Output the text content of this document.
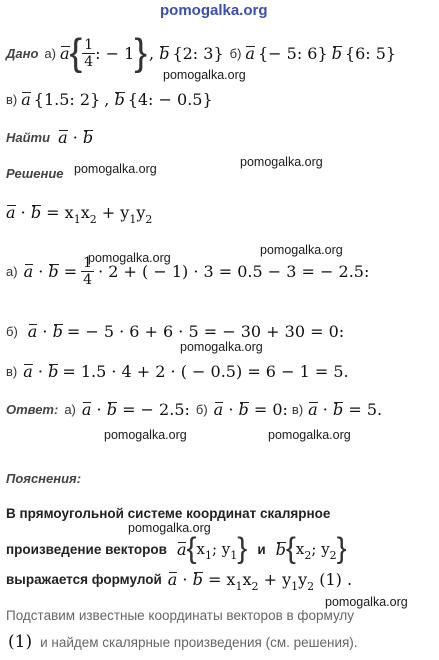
pomogalka.org
Дано а) a { $\frac{1}{4}$ : − 1 } , b {2: 3} б) a {− 5: 6} b {6: 5}
pomogalka.org
в) a {1.5: 2} , b {4: − 0.5}
Найти a · b
Решение pomogalka.org	pomogalka.org
$a \cdot b = x_1x_2 + y_1y_2$
pomogalka.org
pomogalka.org
а) $a \cdot b = \frac{1}{4} \cdot 2$ + ( − 1) · 3 = 0.5 − 3 = − 2.5:
б) a · b = − 5 · 6 + 6 · 5 = − 30 + 30 = 0:
pomogalka.org
в) a · b = 1.5 · 4 + 2 · ( − 0.5) = 6 − 1 = 5.
Ответ: а) a · b = − 2.5: б) a · b = 0: в) a · b = 5.
pomogalka.org	pomogalka.org
Пояснения:
В прямоугольной системе координат скалярное
pomogalka.org
произведение векторов a { $x_1$; $y_1$ } и b { $x_2$; $y_2$ }
выражается формулой $a \cdot b = x_1x_2 + y_1y_2$ (1) .
pomogalka.org
Подставим известные координаты векторов в формулу
(1) и найдем скалярные произведения (см. решения).
